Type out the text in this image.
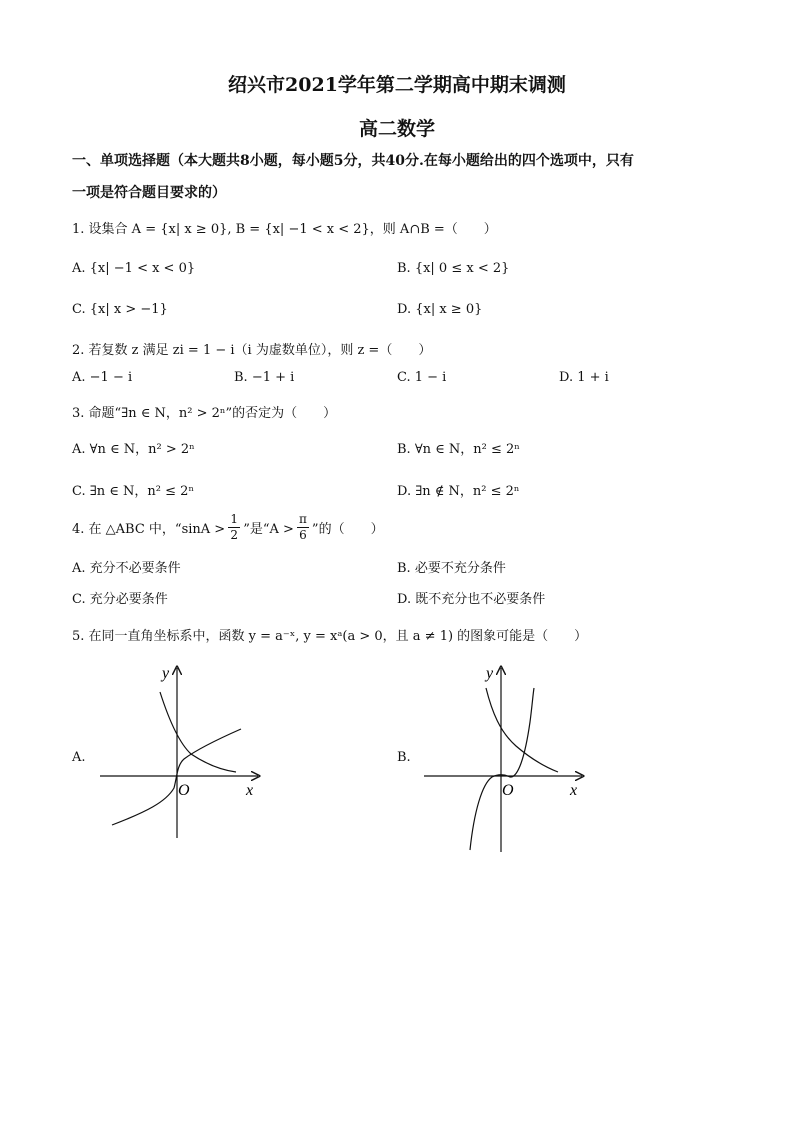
绍兴市2021学年第二学期高中期末调测
高二数学
一、单项选择题（本大题共8小题，每小题5分，共40分.在每小题给出的四个选项中，只有
一项是符合题目要求的）
1. 设集合 A = {x| x ≥ 0}, B = {x| −1 < x < 2}，则 A∩B =（　　）
A. {x| −1 < x < 0}	B. {x| 0 ≤ x < 2}
C. {x| x > −1}	D. {x| x ≥ 0}
2. 若复数 z 满足 zi = 1 − i（i 为虚数单位），则 z =（　　）
A. −1 − i	B. −1 + i	C. 1 − i	D. 1 + i
3. 命题“∃n ∈ N，n² > 2ⁿ”的否定为（　　）
A. ∀n ∈ N，n² > 2ⁿ	B. ∀n ∈ N，n² ≤ 2ⁿ
C. ∃n ∈ N，n² ≤ 2ⁿ	D. ∃n ∉ N，n² ≤ 2ⁿ
4. 在 △ABC 中，“sinA >
1
2 ”是“A >
π
6 ”的（　　）
A. 充分不必要条件	B. 必要不充分条件
C. 充分必要条件	D. 既不充分也不必要条件
5. 在同一直角坐标系中，函数 y = a⁻ˣ, y = xᵃ(a > 0，且 a ≠ 1) 的图象可能是（　　）
A.	B.
y
x
O
y
x
O
